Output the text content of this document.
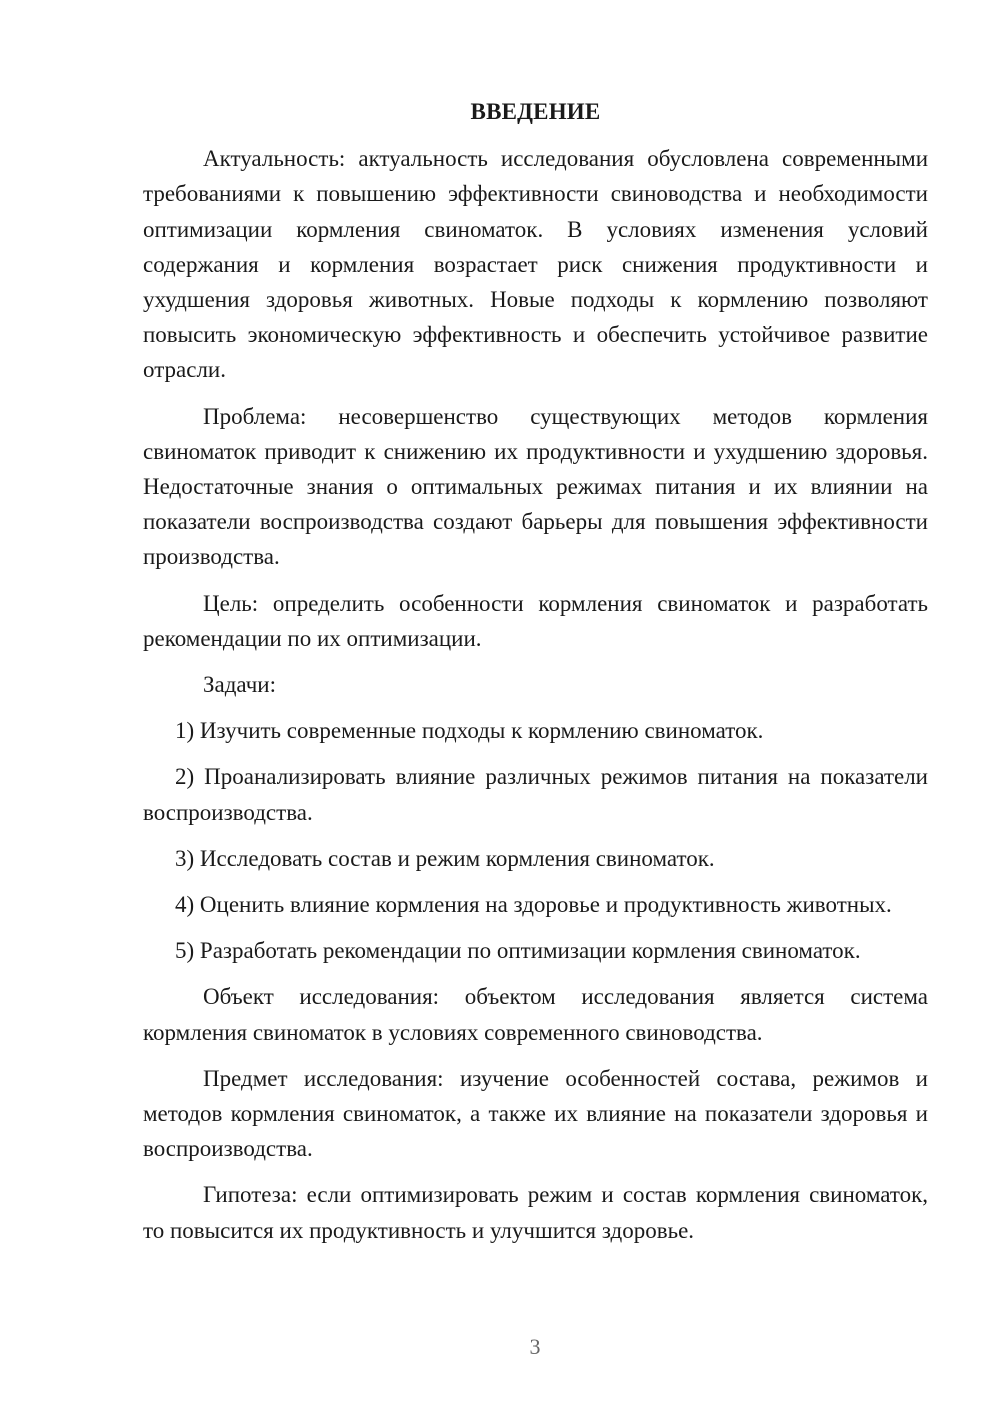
ВВЕДЕНИЕ

Актуальность: актуальность исследования обусловлена современными требованиями к повышению эффективности свиноводства и необходимости оптимизации кормления свиноматок. В условиях изменения условий содержания и кормления возрастает риск снижения продуктивности и ухудшения здоровья животных. Новые подходы к кормлению позволяют повысить экономическую эффективность и обеспечить устойчивое развитие отрасли.

Проблема: несовершенство существующих методов кормления свиноматок приводит к снижению их продуктивности и ухудшению здоровья. Недостаточные знания о оптимальных режимах питания и их влиянии на показатели воспроизводства создают барьеры для повышения эффективности производства.

Цель: определить особенности кормления свиноматок и разработать рекомендации по их оптимизации.

Задачи:

1) Изучить современные подходы к кормлению свиноматок.

2) Проанализировать влияние различных режимов питания на показатели воспроизводства.

3) Исследовать состав и режим кормления свиноматок.

4) Оценить влияние кормления на здоровье и продуктивность животных.

5) Разработать рекомендации по оптимизации кормления свиноматок.

Объект исследования: объектом исследования является система кормления свиноматок в условиях современного свиноводства.

Предмет исследования: изучение особенностей состава, режимов и методов кормления свиноматок, а также их влияние на показатели здоровья и воспроизводства.

Гипотеза: если оптимизировать режим и состав кормления свиноматок, то повысится их продуктивность и улучшится здоровье.

3
